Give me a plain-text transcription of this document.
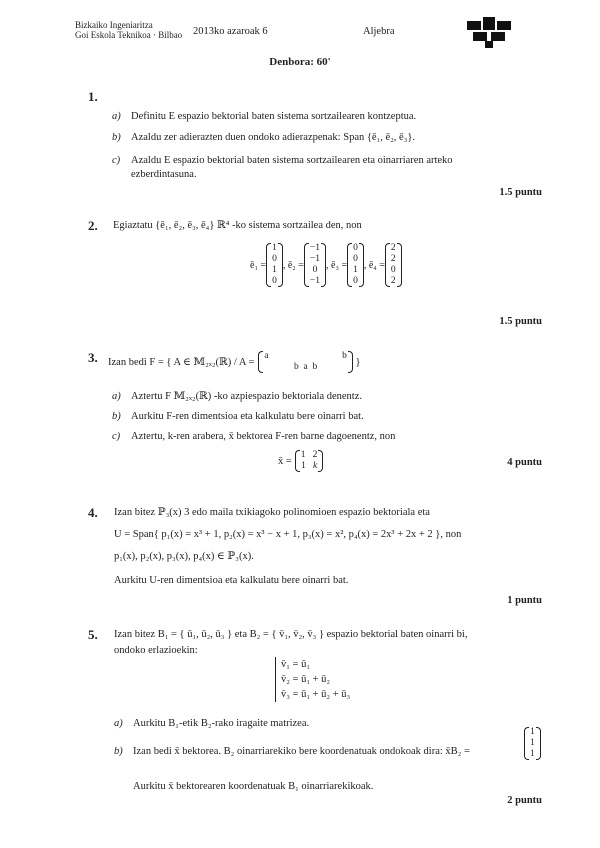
Bizkaiko Ingeniaritza
Goi Eskola Teknikoa · Bilbao 2013ko azaroak 6	Aljebra
Denbora: 60'
1.
a) Definitu E espazio bektorial baten sistema sortzailearen kontzeptua.
b) Azaldu zer adierazten duen ondoko adierazpenak: Span {ē₁, ē₂, ē₃}.
c) Azaldu E espazio bektorial baten sistema sortzailearen eta oinarriaren arteko
ezberdintasuna.
1.5 puntu
2. Egiaztatu {ē₁, ē₂, ē₃, ē₄} ℝ⁴ -ko sistema sortzailea den, non
ē₁ =
1
0
1
0
, ē₂ =
−1
−1
0
−1
, ē₃ =
0
0
1
0
, ē₄ =
2
2
0
2
1.5 puntu
3. Izan bedi F = { A ∈ 𝕄₂ₓ₂(ℝ) / A =
a	b
b a b	}
a) Aztertu F 𝕄₂ₓ₂(ℝ) -ko azpiespazio bektoriala denentz.
b) Aurkitu F-ren dimentsioa eta kalkulatu bere oinarri bat.
c) Aztertu, k-ren arabera, x̄ bektorea F-ren barne dagoenentz, non
x̄ =
1 2
1 k	4 puntu
4. Izan bitez ℙ₃(x) 3 edo maila txikiagoko polinomioen espazio bektoriala eta
U = Span{ p₁(x) = x³ + 1, p₂(x) = x³ − x + 1, p₃(x) = x², p₄(x) = 2x³ + 2x + 2 }, non
p₁(x), p₂(x), p₃(x), p₄(x) ∈ ℙ₃(x).
Aurkitu U-ren dimentsioa eta kalkulatu bere oinarri bat.
1 puntu
5. Izan bitez B₁ = { ū₁, ū₂, ū₃ } eta B₂ = { v̄₁, v̄₂, v̄₃ } espazio bektorial baten oinarri bi,
ondoko erlazioekin:
v̄₁ = ū₁
v̄₂ = ū₁ + ū₂
v̄₃ = ū₁ + ū₂ + ū₃
a) Aurkitu B₁-etik B₂-rako iragaite matrizea.
b) Izan bedi x̄ bektorea. B₂ oinarriarekiko bere koordenatuak ondokoak dira: x̄B₂ =
1
1
1
Aurkitu x̄ bektorearen koordenatuak B₁ oinarriarekikoak.
2 puntu
